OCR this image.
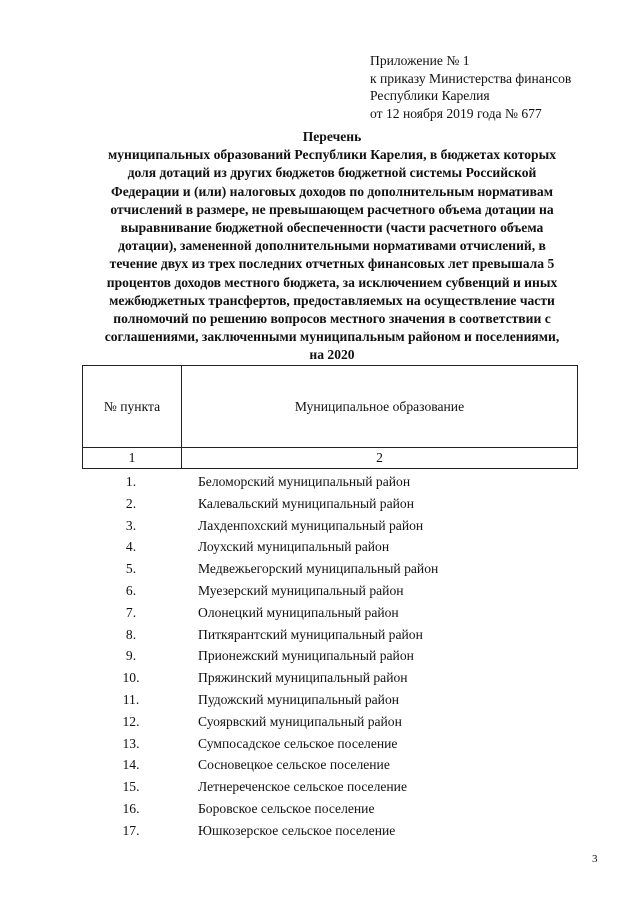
Приложение № 1
к приказу Министерства финансов
Республики Карелия
от 12 ноября 2019 года № 677
Перечень
муниципальных образований Республики Карелия, в бюджетах которых
доля дотаций из других бюджетов бюджетной системы Российской
Федерации и (или) налоговых доходов по дополнительным нормативам
отчислений в размере, не превышающем расчетного объема дотации на
выравнивание бюджетной обеспеченности (части расчетного объема
дотации), замененной дополнительными нормативами отчислений, в
течение двух из трех последних отчетных финансовых лет превышала 5
процентов доходов местного бюджета, за исключением субвенций и иных
межбюджетных трансфертов, предоставляемых на осуществление части
полномочий по решению вопросов местного значения в соответствии с
соглашениями, заключенными муниципальным районом и поселениями,
на 2020
№ пункта	Муниципальное образование
1	2
1.	Беломорский муниципальный район
2.	Калевальский муниципальный район
3.	Лахденпохский муниципальный район
4.	Лоухский муниципальный район
5.	Медвежьегорский муниципальный район
6.	Муезерский муниципальный район
7.	Олонецкий муниципальный район
8.	Питкярантский муниципальный район
9.	Прионежский муниципальный район
10.	Пряжинский муниципальный район
11.	Пудожский муниципальный район
12.	Суоярвский муниципальный район
13.	Сумпосадское сельское поселение
14.	Сосновецкое сельское поселение
15.	Летнереченское сельское поселение
16.	Боровское сельское поселение
17.	Юшкозерское сельское поселение
3
